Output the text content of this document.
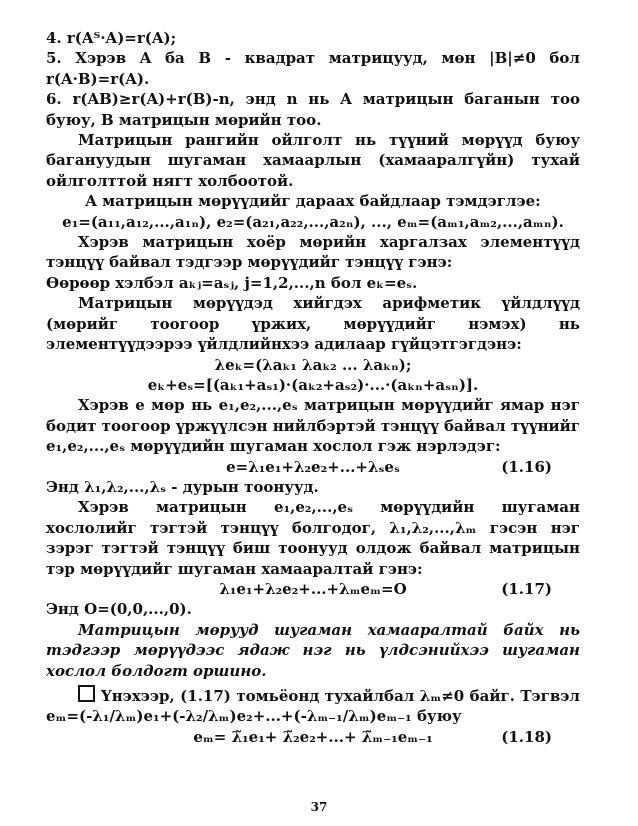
4. r(Aᵀ·A)=r(A);

5. Хэрэв A ба B - квадрат матрицууд, мөн |B|≠0 бол r(A·B)=r(A).

6. r(AB)≥r(A)+r(B)-n, энд n нь A матрицын баганын тоо буюу, B матрицын мөрийн тоо.

Матрицын рангийн ойлголт нь түүний мөрүүд буюу багануудын шугаман хамаарлын (хамааралгүйн) тухай ойлголттой нягт холбоотой.

A матрицын мөрүүдийг дараах байдлаар тэмдэглэе:

e₁=(a₁₁,a₁₂,...,a₁ₙ), e₂=(a₂₁,a₂₂,...,a₂ₙ), ..., eₘ=(aₘ₁,aₘ₂,...,aₘₙ).

Хэрэв матрицын хоёр мөрийн харгалзах элементүүд тэнцүү байвал тэдгээр мөрүүдийг тэнцүү гэнэ:

Өөрөөр хэлбэл aₖⱼ=aₛⱼ, j=1,2,...,n бол eₖ=eₛ.

Матрицын мөрүүдэд хийгдэх арифметик үйлдлүүд (мөрийг тоогоор үржих, мөрүүдийг нэмэх) нь элементүүдээрээ үйлдлийнхээ адилаар гүйцэтгэгдэнэ:

λeₖ=(λaₖ₁ λaₖ₂ ... λaₖₙ);

eₖ+eₛ=[(aₖ₁+aₛ₁)·(aₖ₂+aₛ₂)·...·(aₖₙ+aₛₙ)].

Хэрэв e мөр нь e₁,e₂,...,eₛ матрицын мөрүүдийг ямар нэг бодит тоогоор үржүүлсэн нийлбэртэй тэнцүү байвал түүнийг e₁,e₂,...,eₛ мөрүүдийн шугаман хослол гэж нэрлэдэг:

e=λ₁e₁+λ₂e₂+...+λₛeₛ	(1.16)

Энд λ₁,λ₂,...,λₛ - дурын тоонууд.

Хэрэв матрицын e₁,e₂,...,eₛ мөрүүдийн шугаман хослолийг тэгтэй тэнцүү болгодог, λ₁,λ₂,...,λₘ гэсэн нэг зэрэг тэгтэй тэнцүү биш тоонууд олдож байвал матрицын тэр мөрүүдийг шугаман хамааралтай гэнэ:

λ₁e₁+λ₂e₂+...+λₘeₘ=O	(1.17)

Энд O=(0,0,...,0).

Матрицын мөрууд шугаман хамааралтай байх нь тэдгээр мөрүүдээс ядаж нэг нь үлдсэнийхээ шугаман хослол болдогт оршино.

Үнэхээр, (1.17) томьёонд тухайлбал λₘ≠0 байг. Тэгвэл eₘ=(-λ₁/λₘ)e₁+(-λ₂/λₘ)e₂+...+(-λₘ₋₁/λₘ)eₘ₋₁ буюу

eₘ= λ̃₁e₁+ λ̃₂e₂+...+ λ̃ₘ₋₁eₘ₋₁	(1.18)

37
